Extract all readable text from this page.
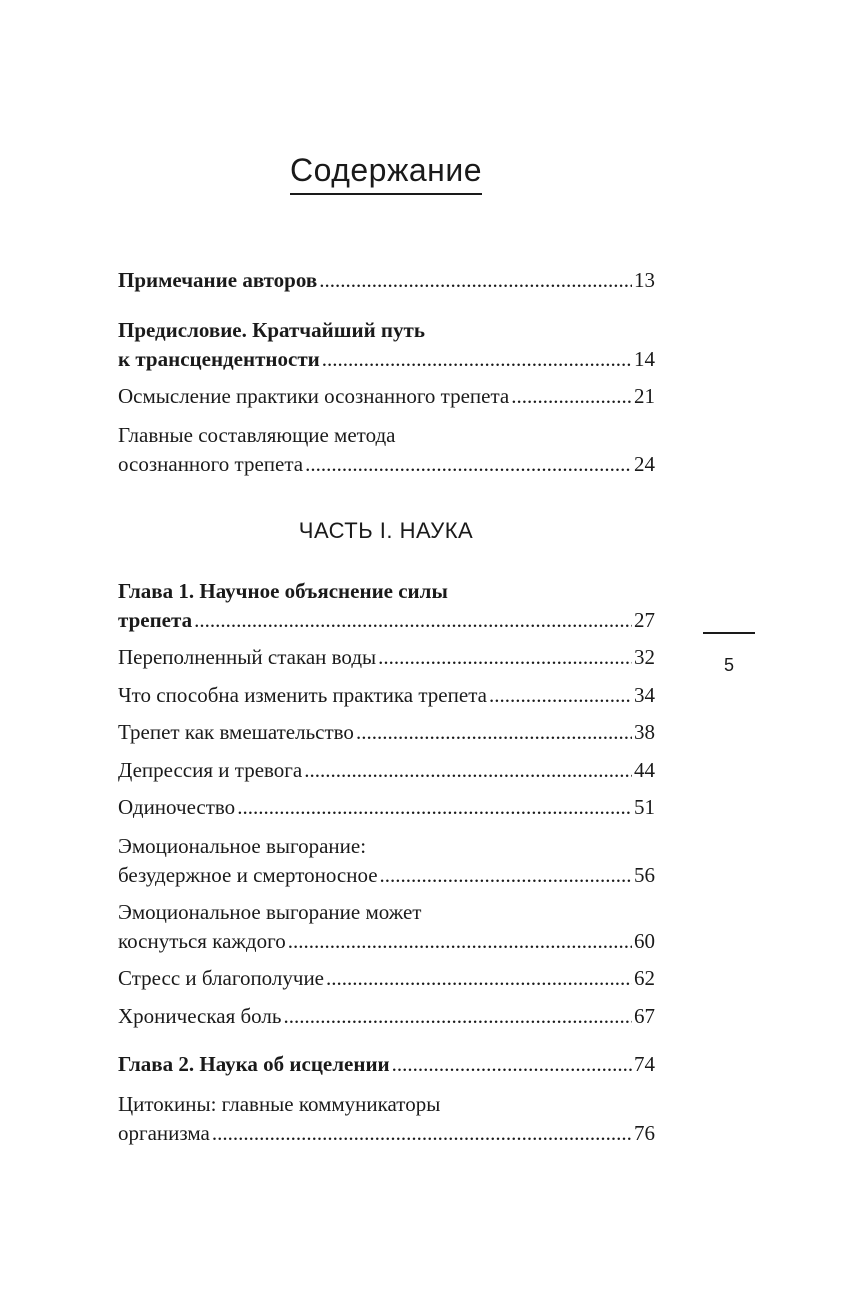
Содержание
Примечание авторов .....	13
Предисловие. Кратчайший путь
к трансцендентности .....	14
Осмысление практики осознанного трепета .....	21
Главные составляющие метода
осознанного трепета .....	24
ЧАСТЬ I. НАУКА
Глава 1. Научное объяснение силы
трепета .....	27
Переполненный стакан воды .....	32
Что способна изменить практика трепета .....	34
Трепет как вмешательство .....	38
Депрессия и тревога .....	44
Одиночество .....	51
Эмоциональное выгорание:
безудержное и смертоносное .....	56
Эмоциональное выгорание может
коснуться каждого .....	60
Стресс и благополучие .....	62
Хроническая боль .....	67
Глава 2. Наука об исцелении .....	74
Цитокины: главные коммуникаторы
организма .....	76
5
